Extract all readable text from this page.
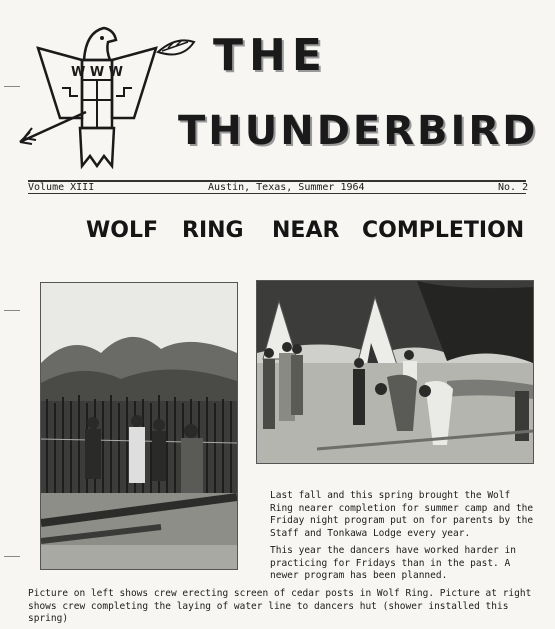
W W W THE
THUNDERBIRD
Volume XIII	Austin, Texas, Summer 1964	No. 2
WOLF RING NEAR COMPLETION

Last fall and this spring brought the Wolf Ring nearer completion for summer camp and the Friday night program put on for parents by the Staff and Tonkawa Lodge every year.

This year the dancers have worked harder in practicing for Fridays than in the past. A newer program has been planned.

Picture on left shows crew erecting screen of cedar posts in Wolf Ring. Picture at right shows crew completing the laying of water line to dancers hut (shower installed this spring)
